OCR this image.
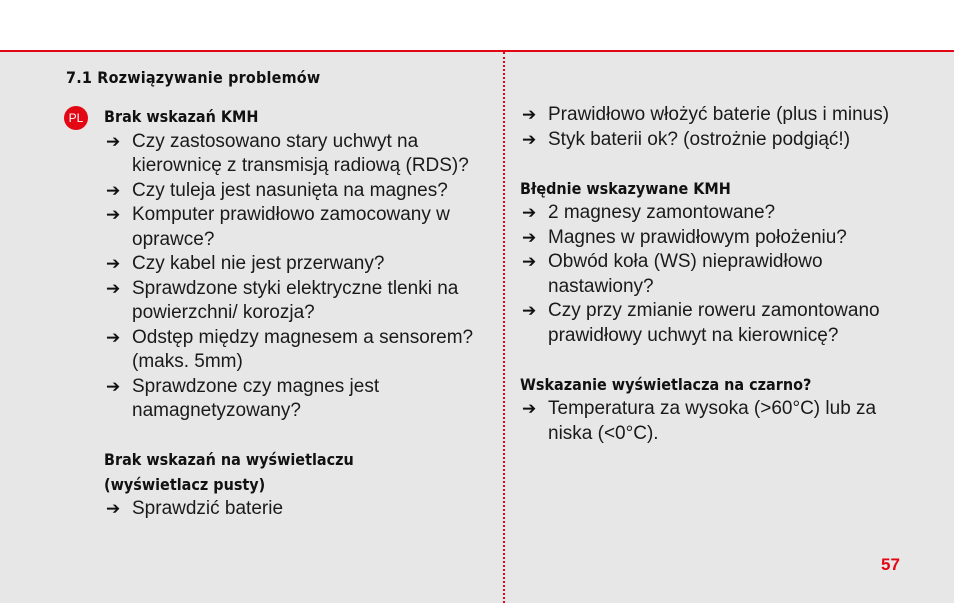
7.1 Rozwiązywanie problemów
PL Brak wskazań KMH
➔ Czy zastosowano stary uchwyt na kierownicę z transmisją radiową (RDS)?
➔ Czy tuleja jest nasunięta na magnes?
➔ Komputer prawidłowo zamocowany w oprawce?
➔ Czy kabel nie jest przerwany?
➔ Sprawdzone styki elektryczne tlenki na powierzchni/ korozja?
➔ Odstęp między magnesem a sensorem? (maks. 5mm)
➔ Sprawdzone czy magnes jest namagnetyzowany?
Brak wskazań na wyświetlaczu
(wyświetlacz pusty)
➔ Sprawdzić baterie
➔ Prawidłowo włożyć baterie (plus i minus)
➔ Styk baterii ok? (ostrożnie podgiąć!)
Błędnie wskazywane KMH
➔ 2 magnesy zamontowane?
➔ Magnes w prawidłowym położeniu?
➔ Obwód koła (WS) nieprawidłowo nastawiony?
➔ Czy przy zmianie roweru zamontowano prawidłowy uchwyt na kierownicę?
Wskazanie wyświetlacza na czarno?
➔ Temperatura za wysoka (>60°C) lub za niska (<0°C).
57
